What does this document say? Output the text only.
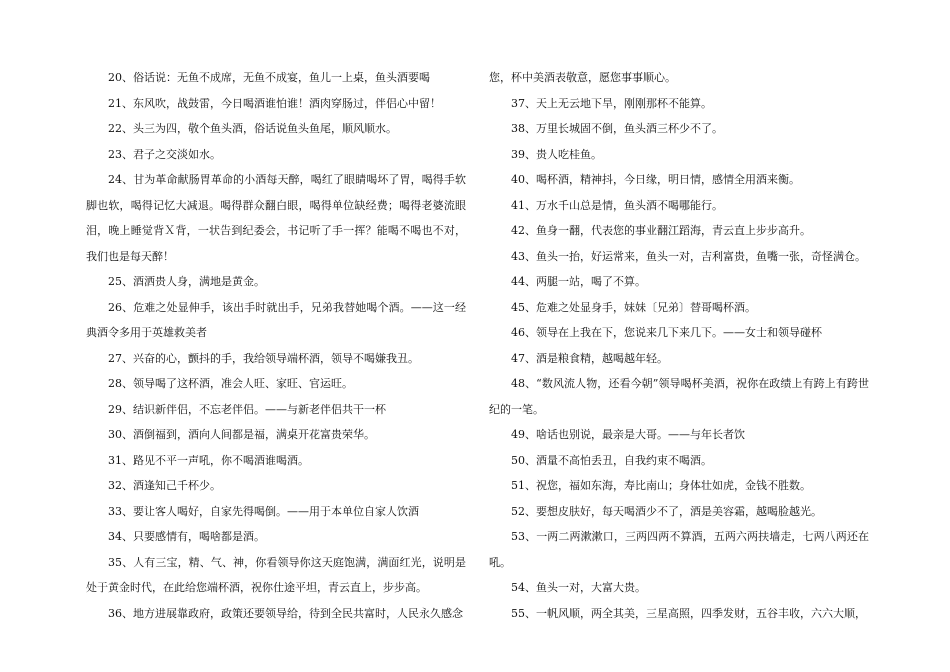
20、俗话说：无鱼不成席，无鱼不成宴，鱼儿一上桌，鱼头酒要喝

21、东风吹，战鼓雷，今日喝酒谁怕谁！酒肉穿肠过，伴侣心中留！

22、头三为四，敬个鱼头酒，俗话说鱼头鱼尾，顺风顺水。

23、君子之交淡如水。

24、甘为革命献肠胃革命的小酒每天醉，喝红了眼睛喝坏了胃，喝得手软脚也软，喝得记忆大减退。喝得群众翻白眼，喝得单位缺经费；喝得老婆流眼泪，晚上睡觉背Ｘ背，一状告到纪委会，书记听了手一挥？能喝不喝也不对，我们也是每天醉！

25、酒洒贵人身，满地是黄金。

26、危难之处显伸手，该出手时就出手，兄弟我替她喝个酒。——这一经典酒令多用于英雄救美者

27、兴奋的心，颤抖的手，我给领导端杯酒，领导不喝嫌我丑。

28、领导喝了这杯酒，准会人旺、家旺、官运旺。

29、结识新伴侣，不忘老伴侣。——与新老伴侣共干一杯

30、酒倒福到，酒向人间都是福，满桌开花富贵荣华。

31、路见不平一声吼，你不喝酒谁喝酒。

32、酒逢知己千杯少。

33、要让客人喝好，自家先得喝倒。——用于本单位自家人饮酒

34、只要感情有，喝啥都是酒。

35、人有三宝，精、气、神，你看领导你这天庭饱满，满面红光，说明是处于黄金时代，在此给您端杯酒，祝你仕途平坦，青云直上，步步高。

36、地方进展靠政府，政策还要领导给，待到全民共富时，人民永久感念

您，杯中美酒表敬意，愿您事事顺心。

37、天上无云地下旱，刚刚那杯不能算。

38、万里长城固不倒，鱼头酒三杯少不了。

39、贵人吃桂鱼。

40、喝杯酒，精神抖，今日缘，明日情，感情全用酒来衡。

41、万水千山总是情，鱼头酒不喝哪能行。

42、鱼身一翻，代表您的事业翻江蹈海，青云直上步步高升。

43、鱼头一抬，好运常来，鱼头一对，吉利富贵，鱼嘴一张，奇怪满仓。

44、两腿一站，喝了不算。

45、危难之处显身手，妹妹〔兄弟〕替哥喝杯酒。

46、领导在上我在下，您说来几下来几下。——女士和领导碰杯

47、酒是粮食精，越喝越年轻。

48、“数风流人物，还看今朝”领导喝杯美酒，祝你在政绩上有跨上有跨世纪的一笔。

49、啥话也别说，最亲是大哥。——与年长者饮

50、酒量不高怕丢丑，自我约束不喝酒。

51、祝您，福如东海，寿比南山；身体壮如虎，金钱不胜数。

52、要想皮肤好，每天喝酒少不了，酒是美容霜，越喝脸越光。

53、一两二两漱漱口，三两四两不算酒，五两六两扶墙走，七两八两还在吼。

54、鱼头一对，大富大贵。

55、一帆风顺，两全其美，三星高照，四季发财，五谷丰收，六六大顺，
